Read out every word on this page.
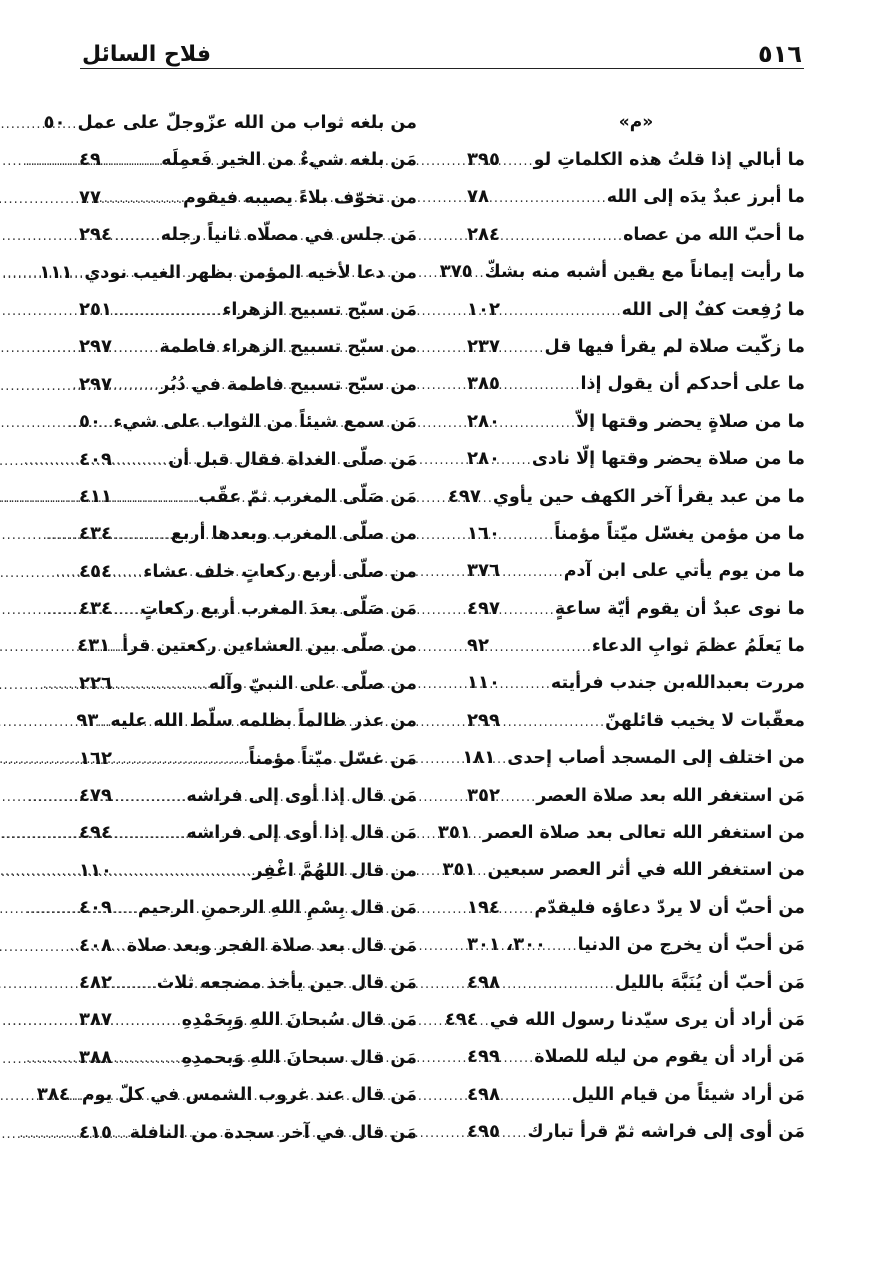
٥١٦
فلاح السائل
«م»
ما أبالي إذا قلتُ هذه الكلماتِ لو
.....
٣٩٥
ما أبرز عبدٌ يدَه إلى الله
.....
٧٨
ما أحبّ الله من عصاه
.....
٢٨٤
ما رأيت إيماناً مع يقين أشبه منه بشكّ
.....
٣٧٥
ما رُفِعت كفٌ إلى الله
.....
١٠٢
ما زكّيت صلاة لم يقرأ فيها قل
.....
٢٣٧
ما على أحدكم أن يقول إذا
.....
٣٨٥
ما من صلاةٍ يحضر وقتها إلاّ
.....
٢٨٠
ما من صلاة يحضر وقتها إلّا نادى
.....
٢٨٠
ما من عبد يقرأ آخر الكهف حين يأوي
.....
٤٩٧
ما من مؤمن يغسّل ميّتاً مؤمناً
.....
١٦٠
ما من يوم يأتي على ابن آدم
.....
٣٧٦
ما نوى عبدٌ أن يقوم أيّة ساعةٍ
.....
٤٩٧
ما يَعلَمُ عظمَ ثوابِ الدعاء
.....
٩٢
مررت بعبدالله‌بن جندب فرأيته
.....
١١٠
معقّبات لا يخيب قائلهنّ
.....
٢٩٩
من اختلف إلى المسجد أصاب إحدى
.....
١٨١
مَن استغفر الله بعد صلاة العصر
.....
٣٥٢
من استغفر الله تعالى بعد صلاة العصر
.....
٣٥١
من استغفر الله في أثر العصر سبعين
.....
٣٥١
من أحبّ أن لا يردّ دعاؤه فليقدّم
.....
١٩٤
مَن أحبّ أن يخرج من الدنيا
.....
٣٠٠، ٣٠١
مَن أحبّ أن يُنَبَّهَ بالليل
.....
٤٩٨
مَن أراد أن يرى سيّدنا رسول الله في
.....
٤٩٤
مَن أراد أن يقوم من ليله للصلاة
.....
٤٩٩
مَن أراد شيئاً من قيام الليل
.....
٤٩٨
مَن أوى إلى فراشه ثمّ قرأ تبارك
.....
٤٩٥
من بلغه ثواب من الله عزّوجلّ على عمل
.....
٥٠
مَن بلغه شيءٌ من الخير فَعمِلَه
.....
٤٩
من تخوّف بلاءً يصيبه فيقوم
.....
٧٧
مَن جلس في مصلّاه ثانياً رجله
.....
٢٩٤
من دعا لأخيه المؤمن بظهر الغيب نودي
.....
١١١
مَن سبّح تسبيح الزهراء
.....
٢٥١
من سبّح تسبيح الزهراء فاطمة
.....
٢٩٧
من سبّح تسبيح فاطمة في دُبُر
.....
٢٩٧
مَن سمع شيئاً من الثواب على شيء
.....
٥٠
مَن صلّى الغداة فقال قبل أن
.....
٤٠٩
مَن صَلّى المغرب ثمّ عقّب
.....
٤١١
من صلّى المغرب وبعدها أربع
.....
٤٣٤
من صلّى أربع ركعاتٍ خلف عشاء
.....
٤٥٤
مَن صَلّى بعدَ المغرب أربع ركعاتٍ
.....
٤٣٤
من صلّى بين العشاءين ركعتين قرأ
.....
٤٣١
من صلّى على النبيّ وآله
.....
٢٢٦
من عذر ظالماً بظلمه سلّط الله عليه
.....
٩٣
مَن غسّل ميّتاً مؤمناً
.....
١٦٢
مَن قال إذا أوى إلى فراشه
.....
٤٧٩
مَن قال إذا أوى إلى فراشه
.....
٤٩٤
من قال اللهُمَّ اغْفِر
.....
١١٠
مَن قال بِسْمِ اللهِ الرحمنِ الرحيم
.....
٤٠٩
مَن قال بعد صلاة الفجر وبعد صلاة
.....
٤٠٨
مَن قال حين يأخذ مضجعه ثلاث
.....
٤٨٢
مَن قال سُبحانَ اللهِ وَبِحَمْدِهِ
.....
٣٨٧
مَن قال سبحانَ اللهِ وَبحمدِهِ
.....
٣٨٨
مَن قال عند غروب الشمس في كلّ يوم
.....
٣٨٤
مَن قال في آخر سجدة من النافلة
.....
٤١٥
